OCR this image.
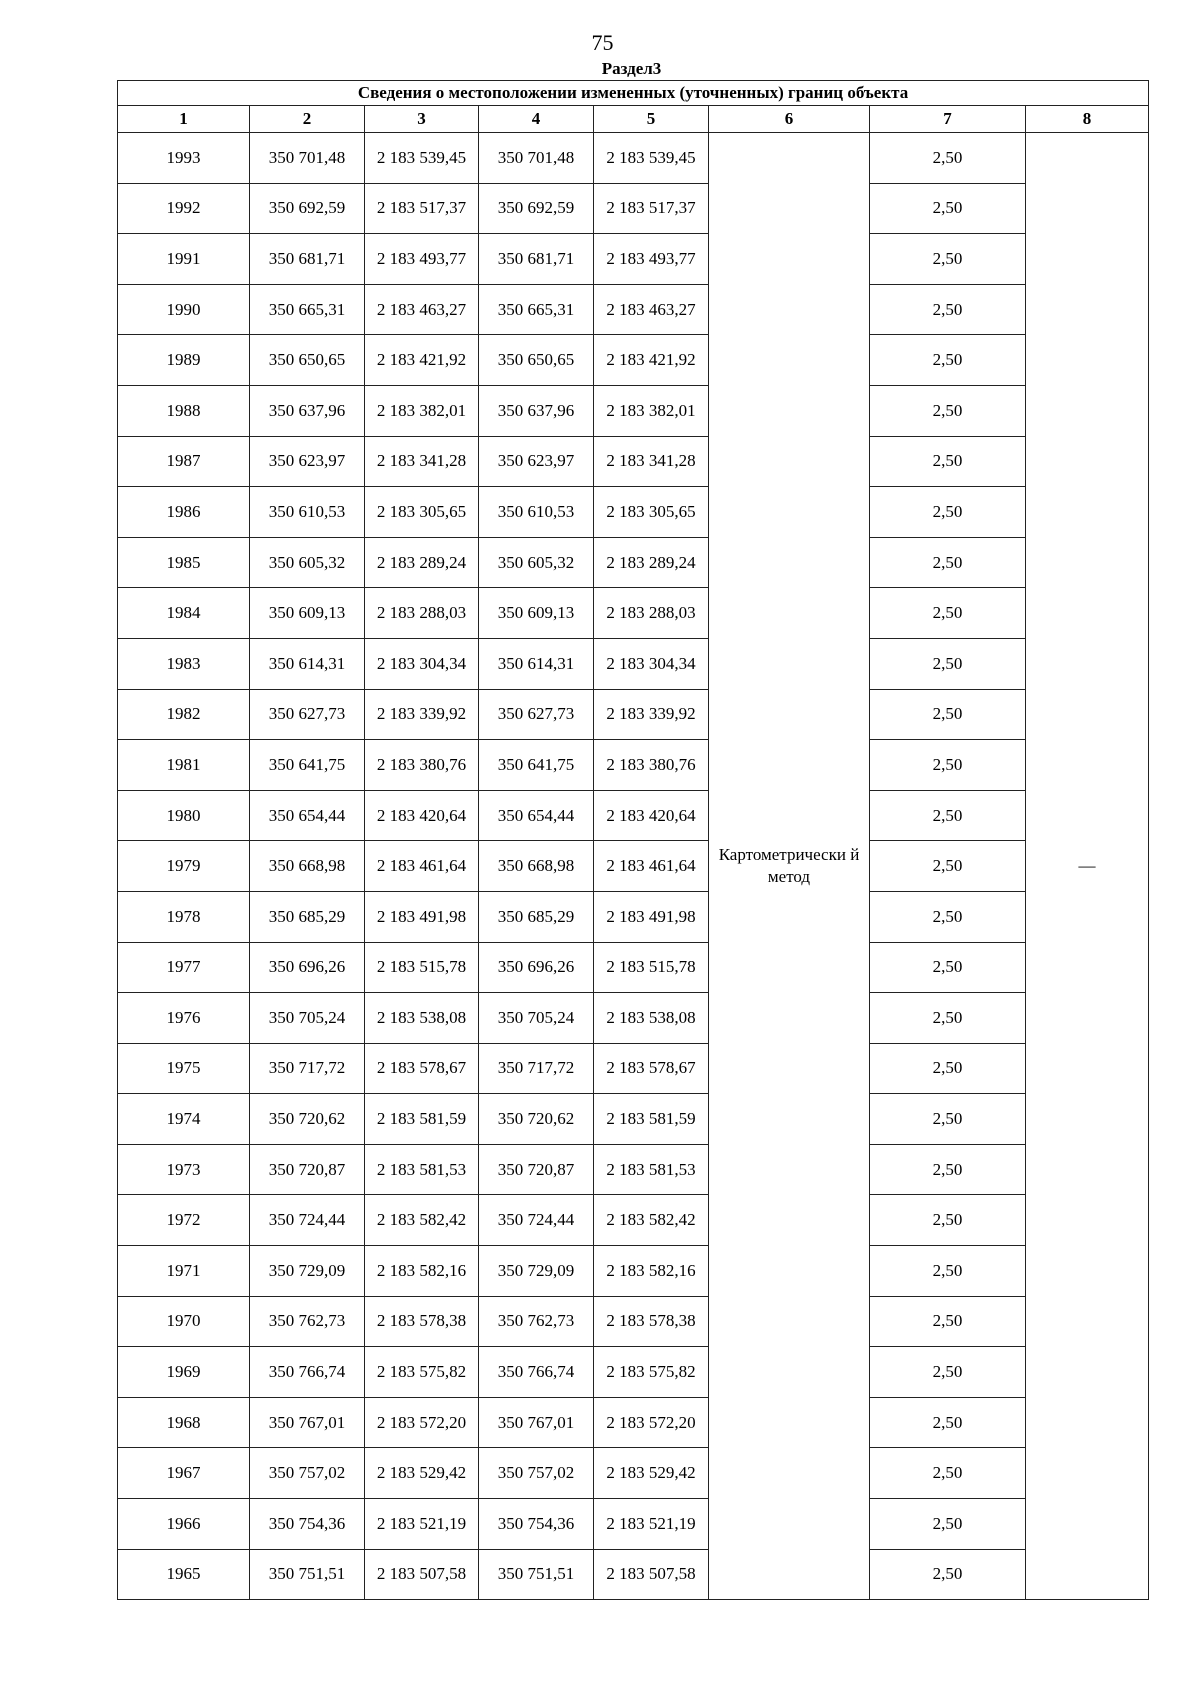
75
Раздел3
Сведения о местоположении измененных (уточненных) границ объекта							
1	2	3	4	5	6	7	8
1993	350 701,48	2 183 539,45	350 701,48	2 183 539,45	Картометрически й метод	2,50	—
1992	350 692,59	2 183 517,37	350 692,59	2 183 517,37		2,50	
1991	350 681,71	2 183 493,77	350 681,71	2 183 493,77		2,50	
1990	350 665,31	2 183 463,27	350 665,31	2 183 463,27		2,50	
1989	350 650,65	2 183 421,92	350 650,65	2 183 421,92		2,50	
1988	350 637,96	2 183 382,01	350 637,96	2 183 382,01		2,50	
1987	350 623,97	2 183 341,28	350 623,97	2 183 341,28		2,50	
1986	350 610,53	2 183 305,65	350 610,53	2 183 305,65		2,50	
1985	350 605,32	2 183 289,24	350 605,32	2 183 289,24		2,50	
1984	350 609,13	2 183 288,03	350 609,13	2 183 288,03		2,50	
1983	350 614,31	2 183 304,34	350 614,31	2 183 304,34		2,50	
1982	350 627,73	2 183 339,92	350 627,73	2 183 339,92		2,50	
1981	350 641,75	2 183 380,76	350 641,75	2 183 380,76		2,50	
1980	350 654,44	2 183 420,64	350 654,44	2 183 420,64		2,50	
1979	350 668,98	2 183 461,64	350 668,98	2 183 461,64		2,50	
1978	350 685,29	2 183 491,98	350 685,29	2 183 491,98		2,50	
1977	350 696,26	2 183 515,78	350 696,26	2 183 515,78		2,50	
1976	350 705,24	2 183 538,08	350 705,24	2 183 538,08		2,50	
1975	350 717,72	2 183 578,67	350 717,72	2 183 578,67		2,50	
1974	350 720,62	2 183 581,59	350 720,62	2 183 581,59		2,50	
1973	350 720,87	2 183 581,53	350 720,87	2 183 581,53		2,50	
1972	350 724,44	2 183 582,42	350 724,44	2 183 582,42		2,50	
1971	350 729,09	2 183 582,16	350 729,09	2 183 582,16		2,50	
1970	350 762,73	2 183 578,38	350 762,73	2 183 578,38		2,50	
1969	350 766,74	2 183 575,82	350 766,74	2 183 575,82		2,50	
1968	350 767,01	2 183 572,20	350 767,01	2 183 572,20		2,50	
1967	350 757,02	2 183 529,42	350 757,02	2 183 529,42		2,50	
1966	350 754,36	2 183 521,19	350 754,36	2 183 521,19		2,50	
1965	350 751,51	2 183 507,58	350 751,51	2 183 507,58		2,50	
